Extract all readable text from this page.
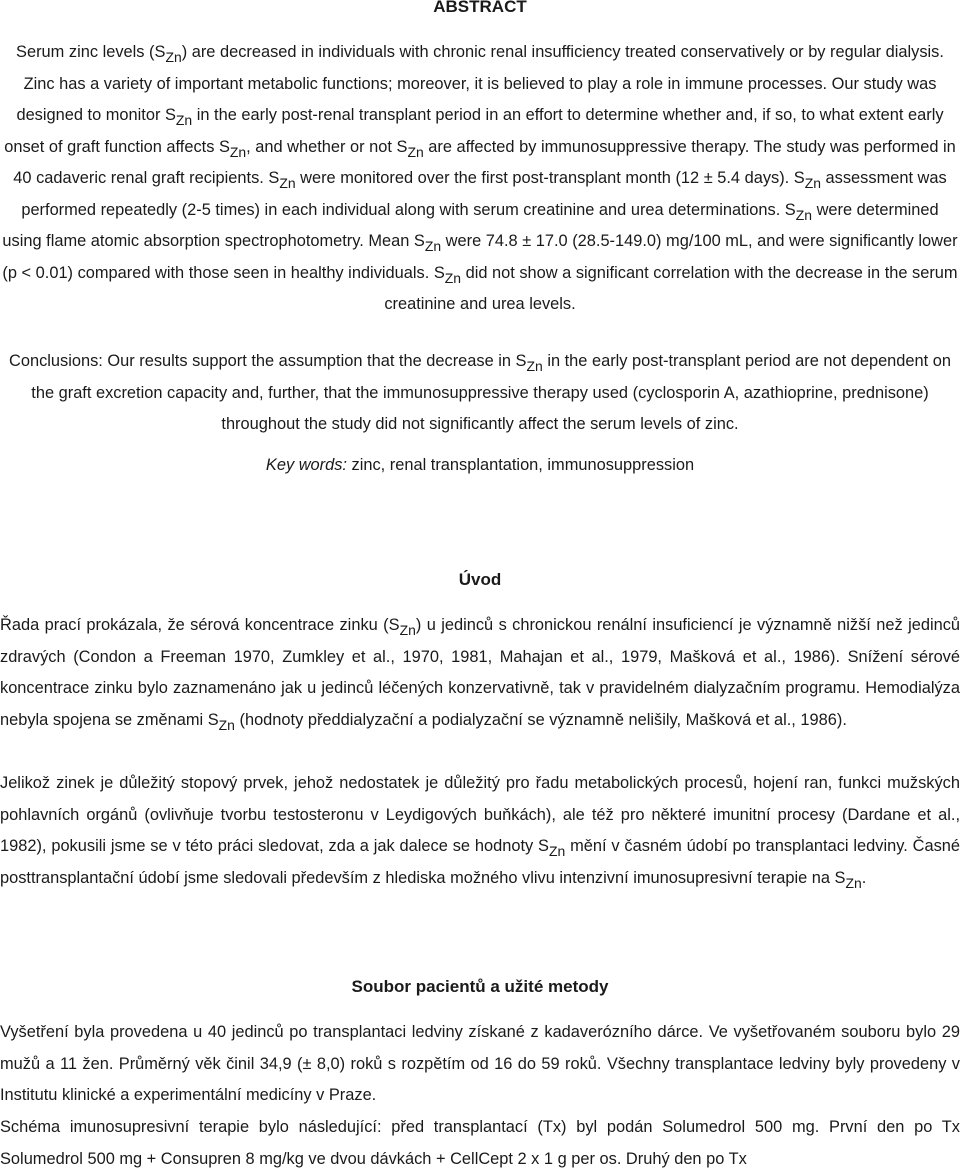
ABSTRACT

Serum zinc levels $(S_{Zn})$ are decreased in individuals with chronic renal insufficiency treated conservatively or by regular dialysis. Zinc has a variety of important metabolic functions; moreover, it is believed to play a role in immune processes. Our study was designed to monitor $S_{Zn}$ in the early post-renal transplant period in an effort to determine whether and, if so, to what extent early onset of graft function affects $S_{Zn}$, and whether or not $S_{Zn}$ are affected by immunosuppressive therapy. The study was performed in 40 cadaveric renal graft recipients. $S_{Zn}$ were monitored over the first post-transplant month (12 ± 5.4 days). $S_{Zn}$ assessment was performed repeatedly (2-5 times) in each individual along with serum creatinine and urea determinations. $S_{Zn}$ were determined using flame atomic absorption spectrophotometry. Mean $S_{Zn}$ were 74.8 ± 17.0 (28.5-149.0) mg/100 mL, and were significantly lower (p < 0.01) compared with those seen in healthy individuals. $S_{Zn}$ did not show a significant correlation with the decrease in the serum creatinine and urea levels.

Conclusions: Our results support the assumption that the decrease in $S_{Zn}$ in the early post-transplant period are not dependent on the graft excretion capacity and, further, that the immunosuppressive therapy used (cyclosporin A, azathioprine, prednisone) throughout the study did not significantly affect the serum levels of zinc.

Key words: zinc, renal transplantation, immunosuppression

Úvod

Řada prací prokázala, že sérová koncentrace zinku $(S_{Zn})$ u jedinců s chronickou renální insuficiencí je významně nižší než jedinců zdravých (Condon a Freeman 1970, Zumkley et al., 1970, 1981, Mahajan et al., 1979, Mašková et al., 1986). Snížení sérové koncentrace zinku bylo zaznamenáno jak u jedinců léčených konzervativně, tak v pravidelném dialyzačním programu. Hemodialýza nebyla spojena se změnami $S_{Zn}$ (hodnoty předdialyzační a podialyzační se významně nelišily, Mašková et al., 1986).

Jelikož zinek je důležitý stopový prvek, jehož nedostatek je důležitý pro řadu metabolických procesů, hojení ran, funkci mužských pohlavních orgánů (ovlivňuje tvorbu testosteronu v Leydigových buňkách), ale též pro některé imunitní procesy (Dardane et al., 1982), pokusili jsme se v této práci sledovat, zda a jak dalece se hodnoty $S_{Zn}$ mění v časném údobí po transplantaci ledviny. Časné posttransplantační údobí jsme sledovali především z hlediska možného vlivu intenzivní imunosupresivní terapie na $S_{Zn}$.

Soubor pacientů a užité metody

Vyšetření byla provedena u 40 jedinců po transplantaci ledviny získané z kadaverózního dárce. Ve vyšetřovaném souboru bylo 29 mužů a 11 žen. Průměrný věk činil 34,9 (± 8,0) roků s rozpětím od 16 do 59 roků. Všechny transplantace ledviny byly provedeny v Institutu klinické a experimentální medicíny v Praze.

Schéma imunosupresivní terapie bylo následující: před transplantací (Tx) byl podán Solumedrol 500 mg. První den po Tx Solumedrol 500 mg + Consupren 8 mg/kg ve dvou dávkách + CellCept 2 x 1 g per os. Druhý den po Tx
